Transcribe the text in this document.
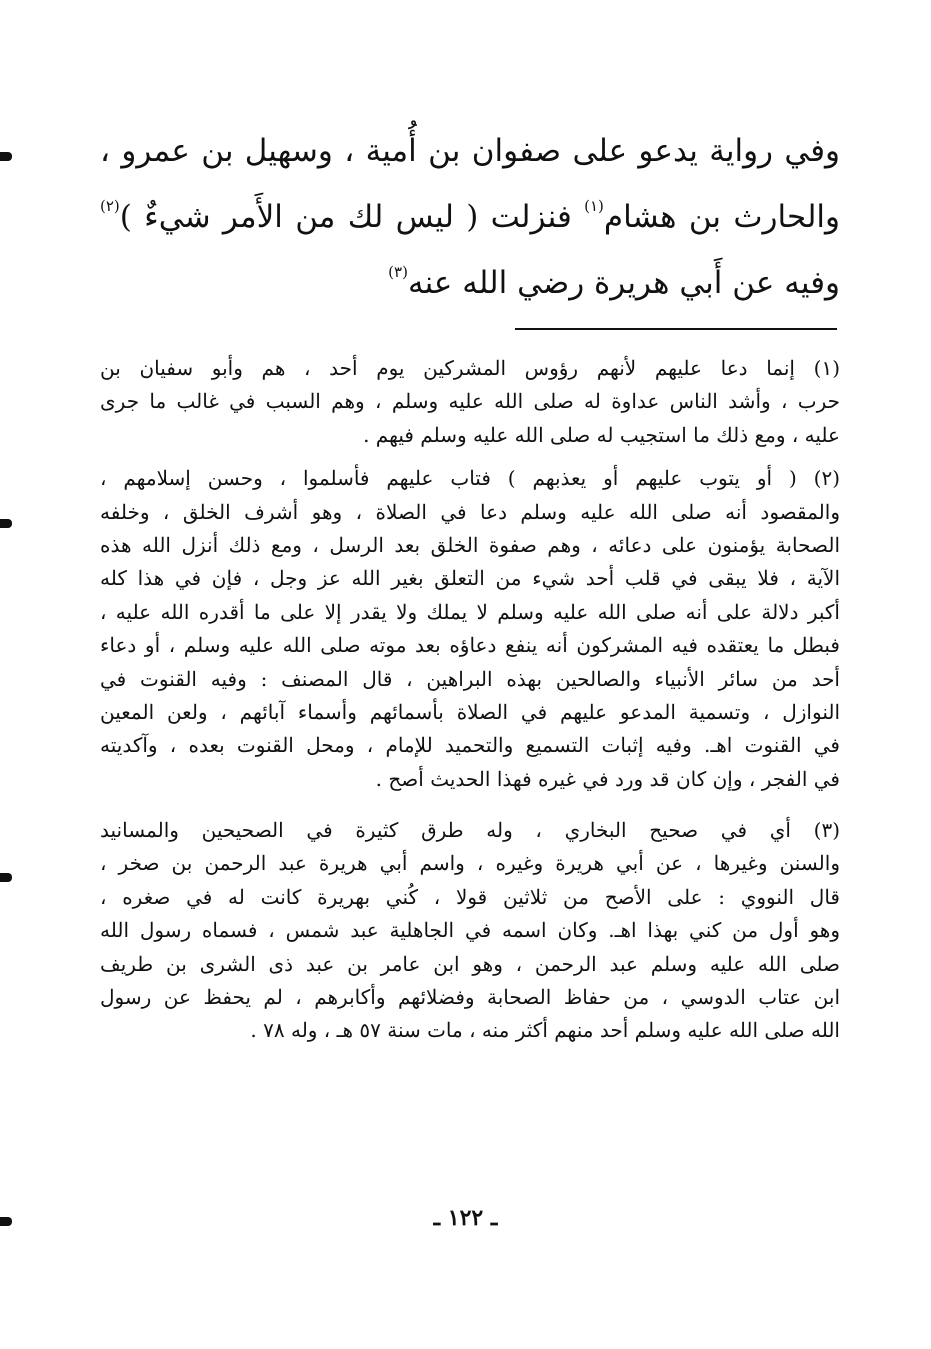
وفي رواية يدعو على صفوان بن أُمية ، وسهيل بن عمرو ،
والحارث بن هشام$^{(١)}$ فنزلت ( ليس لك من الأَمر شيءٌ )$^{(٢)}$
وفيه عن أَبي هريرة رضي الله عنه$^{(٣)}$
(١) إنما دعا عليهم لأنهم رؤوس المشركين يوم أحد ، هم وأبو سفيان بن
حرب ، وأشد الناس عداوة له صلى الله عليه وسلم ، وهم السبب في غالب ما جرى
عليه ، ومع ذلك ما استجيب له صلى الله عليه وسلم فيهم .
(٢) ( أو يتوب عليهم أو يعذبهم ) فتاب عليهم فأسلموا ، وحسن إسلامهم ،
والمقصود أنه صلى الله عليه وسلم دعا في الصلاة ، وهو أشرف الخلق ، وخلفه
الصحابة يؤمنون على دعائه ، وهم صفوة الخلق بعد الرسل ، ومع ذلك أنزل الله هذه
الآية ، فلا يبقى في قلب أحد شيء من التعلق بغير الله عز وجل ، فإن في هذا كله
أكبر دلالة على أنه صلى الله عليه وسلم لا يملك ولا يقدر إلا على ما أقدره الله عليه ،
فبطل ما يعتقده فيه المشركون أنه ينفع دعاؤه بعد موته صلى الله عليه وسلم ، أو دعاء
أحد من سائر الأنبياء والصالحين بهذه البراهين ، قال المصنف : وفيه القنوت في
النوازل ، وتسمية المدعو عليهم في الصلاة بأسمائهم وأسماء آبائهم ، ولعن المعين
في القنوت اهـ. وفيه إثبات التسميع والتحميد للإمام ، ومحل القنوت بعده ، وآكديته
في الفجر ، وإن كان قد ورد في غيره فهذا الحديث أصح .
(٣) أي في صحيح البخاري ، وله طرق كثيرة في الصحيحين والمسانيد
والسنن وغيرها ، عن أبي هريرة وغيره ، واسم أبي هريرة عبد الرحمن بن صخر ،
قال النووي : على الأصح من ثلاثين قولا ، كُني بهريرة كانت له في صغره ،
وهو أول من كني بهذا اهـ. وكان اسمه في الجاهلية عبد شمس ، فسماه رسول الله
صلى الله عليه وسلم عبد الرحمن ، وهو ابن عامر بن عبد ذى الشرى بن طريف
ابن عتاب الدوسي ، من حفاظ الصحابة وفضلائهم وأكابرهم ، لم يحفظ عن رسول
الله صلى الله عليه وسلم أحد منهم أكثر منه ، مات سنة ٥٧ هـ ، وله ٧٨ .
ـ ١٢٢ ـ
